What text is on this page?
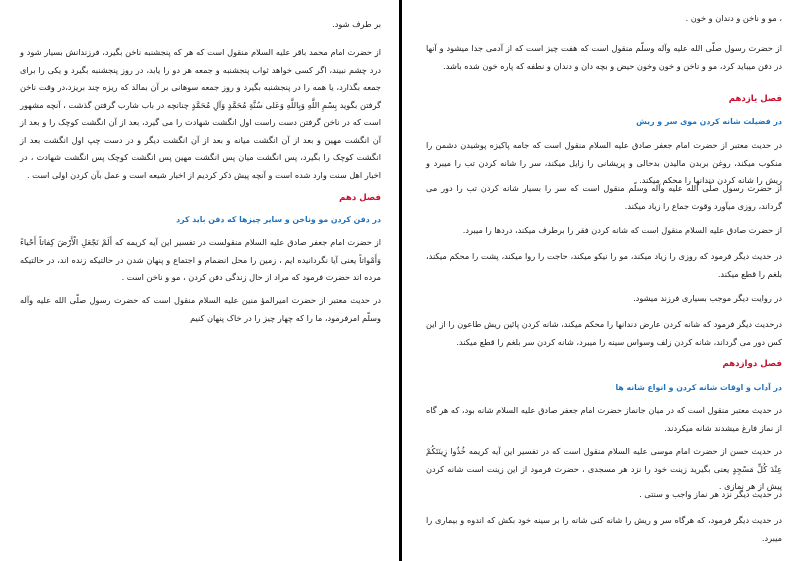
بر طرف شود.

از حضرت امام محمد باقر علیه السلام منقول است که هر که پنجشنبه ناخن بگیرد، فرزندانش بسیار شود و درد چشم نبیند، اگر کسی خواهد ثواب پنجشنبه و جمعه هر دو را یابد، در روز پنجشنبه بگیرد و یکی را برای جمعه بگذارد، یا همه را در پنجشنبه بگیرد و روز جمعه سوهانی بر آن بمالد که ریزه چند بریزد،در وقت ناخن گرفتن بگوید بِسْمِ اللَّهِ وَبِاللَّهِ وَعَلی سُنَّةِ مُحَمَّدٍ وَآلِ مُحَمَّدٍ چنانچه در باب شارب گرفتن گذشت ، آنچه مشهور است که در ناخن گرفتن دست راست اول انگشت شهادت را می گیرد، بعد از آن انگشت کوچک را و بعد از آن انگشت مهین و بعد از آن انگشت میانه و بعد از آن انگشت دیگر و در دست چپ اول انگشت بعد از انگشت کوچک را بگیرد، پس انگشت میان پس انگشت مهین پس انگشت کوچک پس انگشت شهادت ، در اخبار اهل سنت وارد شده است و آنچه پیش ذکر کردیم از اخبار شیعه است و عمل بآن کردن اولی است .

فصل دهم

در دفن کردن مو وناخن و سایر چیزها که دفن باید کرد

از حضرت امام جعفر صادق علیه السلام منقولست در تفسیر این آیه کریمه که أَلَمْ نَجْعَلِ الْأَرْضَ كِفاتاً أَحْياءً وَأَمْواتاً یعنی آیا نگردانیده ایم ، زمین را محل انضمام و اجتماع و پنهان شدن در حالتیکه زنده اند، در حالتیکه مرده اند حضرت فرمود که مراد از حال زندگی دفن کردن ، مو و ناخن است .

در حدیث معتبر از حضرت امیرالمؤ منین علیه السلام منقول است که حضرت رسول صلّی الله علیه وآله وسلّم امرفرمود، ما را که چهار چیز را در خاک پنهان کنیم

، مو و ناخن و دندان و خون .

از حضرت رسول صلّی الله علیه وآله وسلّم منقول است که هفت چیز است که از آدمی جدا میشود و آنها در دفن میباید کرد، مو و ناخن و خون وخون حیض و بچه دان و دندان و نطفه که پاره خون شده باشد.

فصل یازدهم

در فضیلت شانه کردن موی سر و ریش

در حدیث معتبر از حضرت امام جعفر صادق علیه السلام منقول است که جامه پاکیزه پوشیدن دشمن را منکوب میکند، روغن بربدن مالیدن بدحالی و پریشانی را زایل میکند، سر را شانه کردن تب را میبرد و ریش را شانه کردن دندانها را محکم میکند.

از حضرت رسول صلّی الله علیه وآله وسلّم منقول است که سر را بسیار شانه کردن تب را دور می گرداند، روزی میآورد وقوت جماع را زیاد میکند.

از حضرت صادق علیه السلام منقول است که شانه کردن فقر را برطرف میکند، دردها را میبرد.

در حدیث دیگر فرمود که روزی را زیاد میکند، مو را نیکو میکند، حاجت را روا میکند، پشت را محکم میکند، بلغم را قطع میکند.

در روایت دیگر موجب بسیاری فرزند میشود.

درحدیث دیگر فرمود که شانه کردن عارض دندانها را محکم میکند، شانه کردن پائین ریش طاعون را از این کس دور می گرداند، شانه کردن زلف وسواس سینه را میبرد، شانه کردن سر بلغم را قطع میکند.

فصل دوازدهم

در آداب و اوقات شانه کردن و انواع شانه ها

در حدیث معتبر منقول است که در میان جانماز حضرت امام جعفر صادق علیه السلام شانه بود، که هر گاه از نماز فارغ میشدند شانه میکردند.

در حدیث حسن از حضرت امام موسی علیه السلام منقول است که در تفسیر این آیه کریمه خُذُوا زِينَتَكُمْ عِنْدَ كُلِّ مَسْجِدٍ یعنی بگیرید زینت خود را نزد هر مسجدی ، حضرت فرمود از این زینت است شانه کردن پیش از هر نمازی .

در حدیث دیگر نزد هر نماز واجب و سنتی .

در حدیث دیگر فرمود، که هرگاه سر و ریش را شانه کنی شانه را بر سینه خود بکش که اندوه و بیماری را میبرد.
